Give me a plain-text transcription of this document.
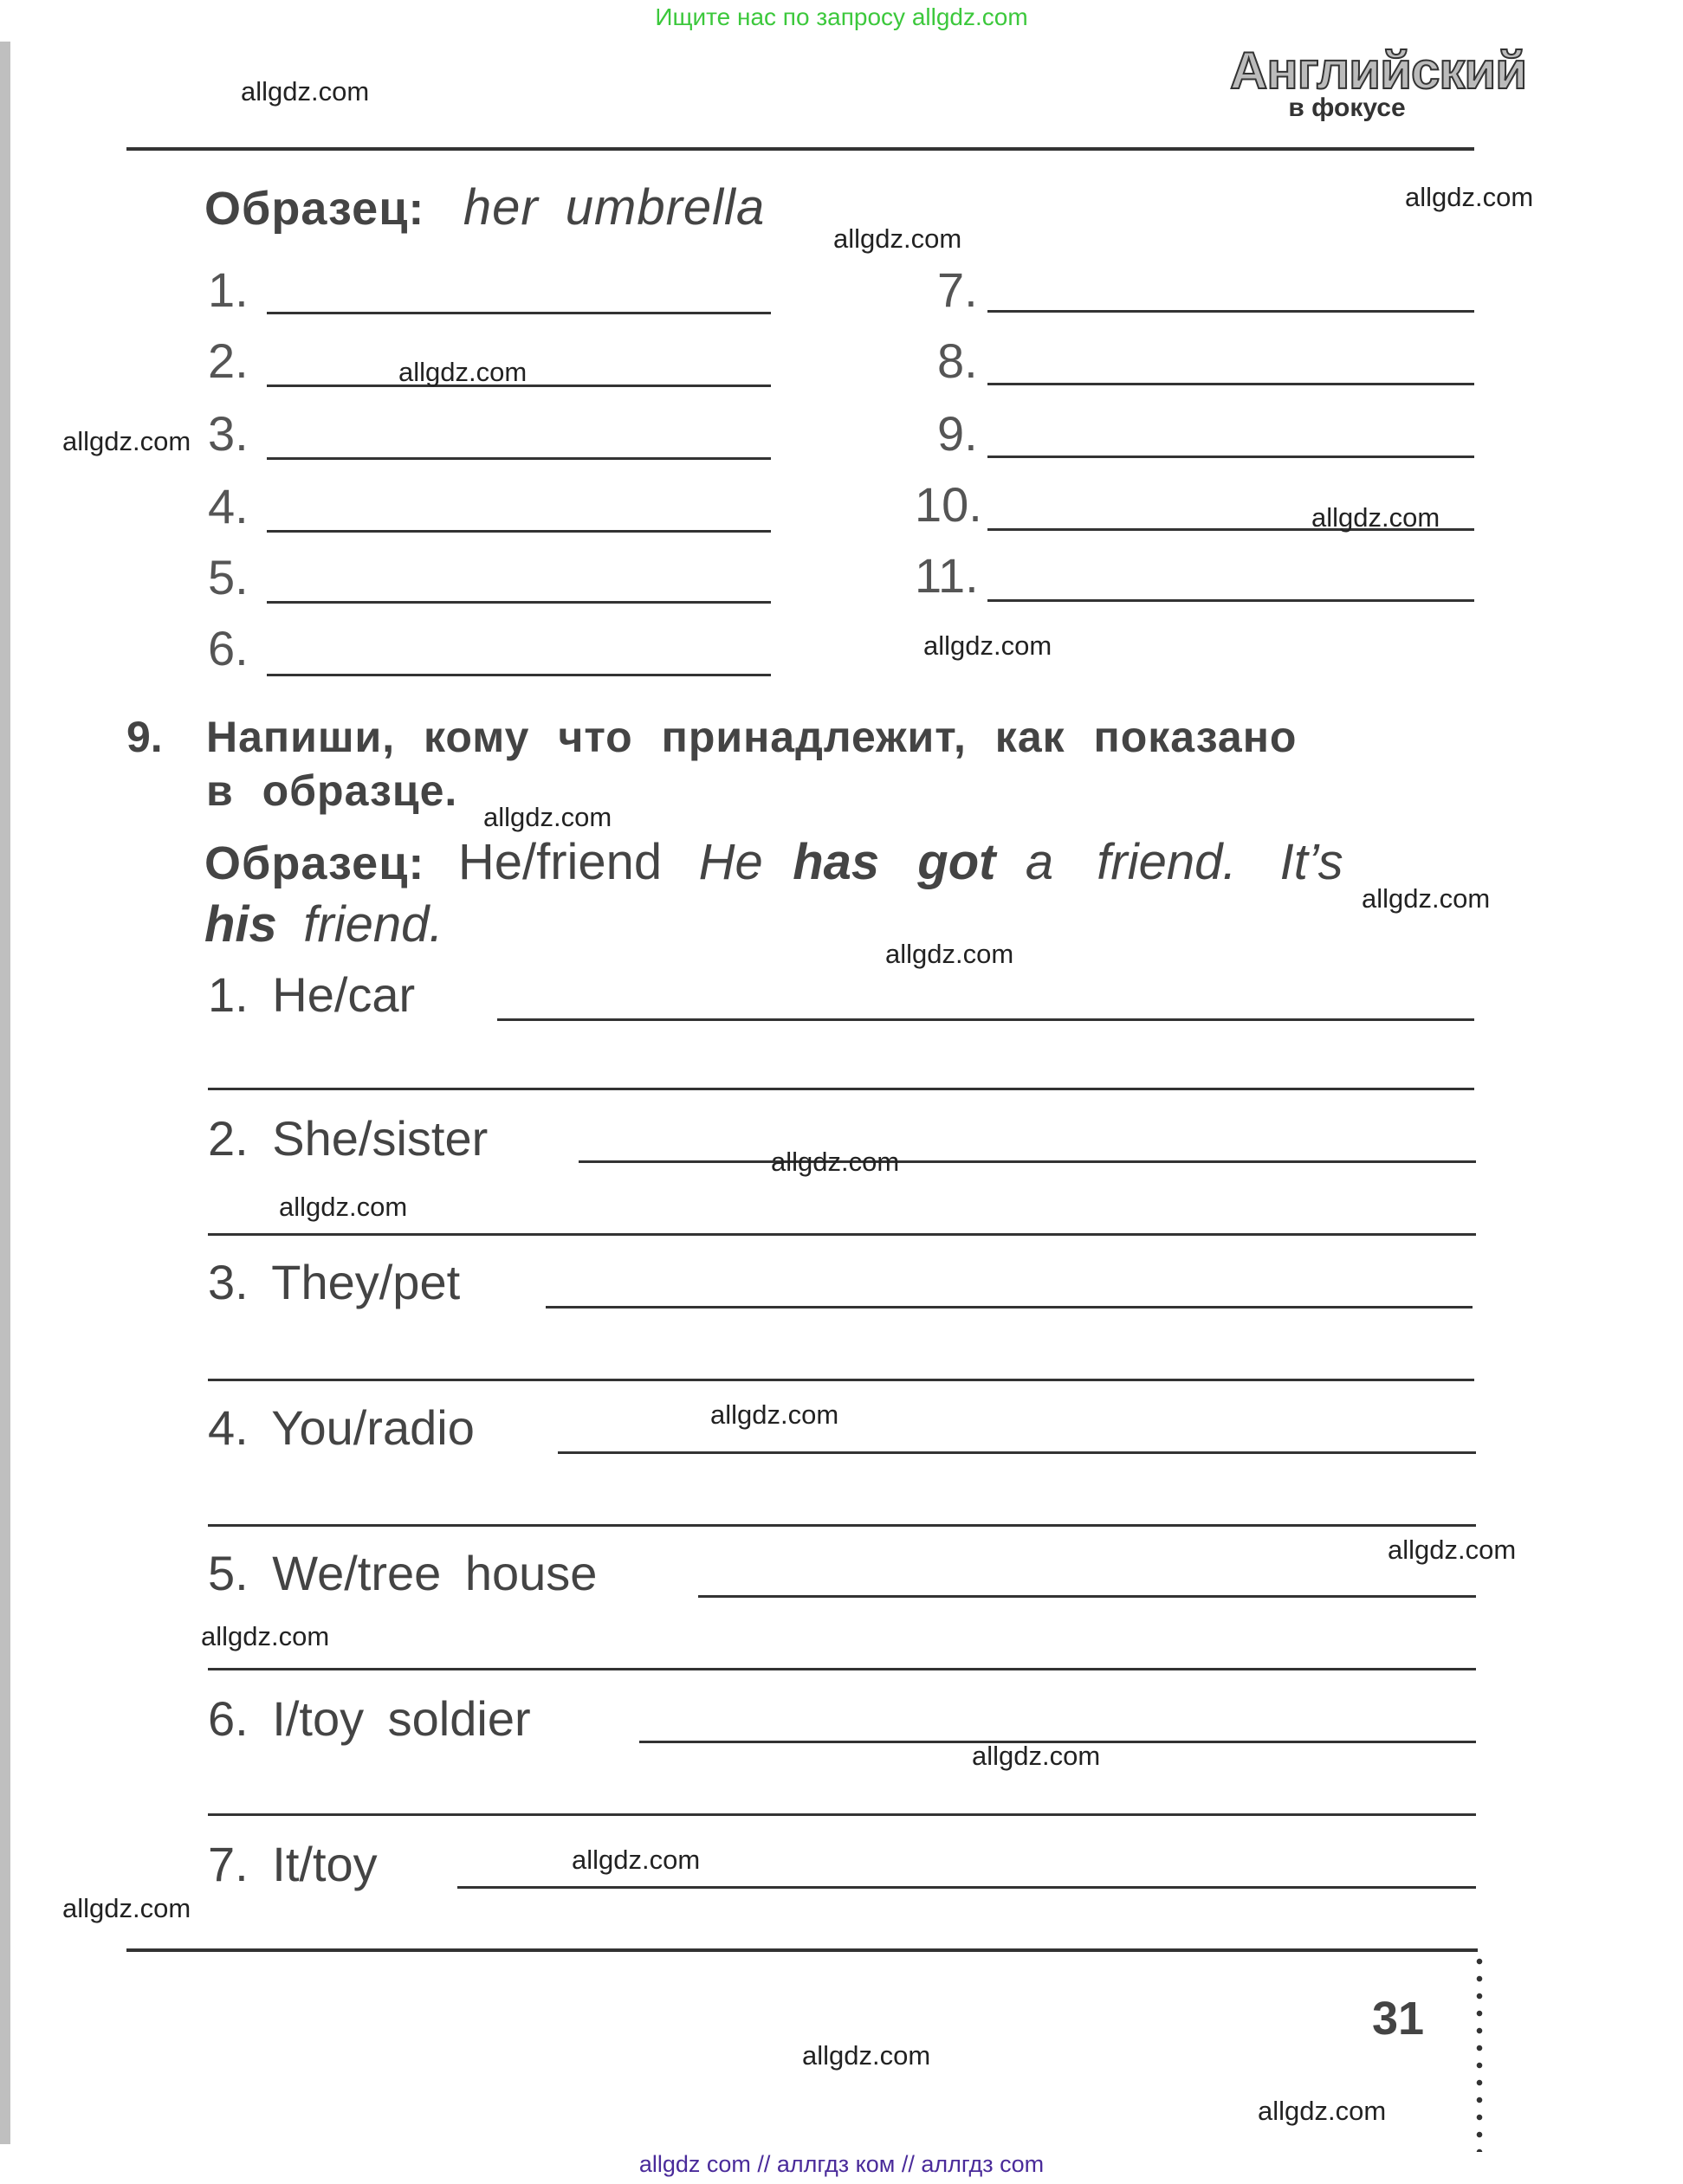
Ищите нас по запросу allgdz.com
allgdz.com	Английский
в фокусе
Образец: her umbrella	allgdz.com
allgdz.com
1.
2.
3.
4.
5.
6.
7.
8.
9.
10.
11.
allgdz.com
allgdz.com
allgdz.com
allgdz.com
9. Напиши, кому что принадлежит, как показано
в образце.
allgdz.com
Образец: He/friend He has got a friend. It’s
his friend.	allgdz.com
allgdz.com
1. He/car
2. She/sister	allgdz.com
allgdz.com
3. They/pet
4. You/radio	allgdz.com
5. We/tree house	allgdz.com
allgdz.com
6. I/toy soldier
allgdz.com
7. It/toy	allgdz.com
allgdz.com
31
allgdz.com
allgdz.com
allgdz com // аллгдз ком // аллгдз com
